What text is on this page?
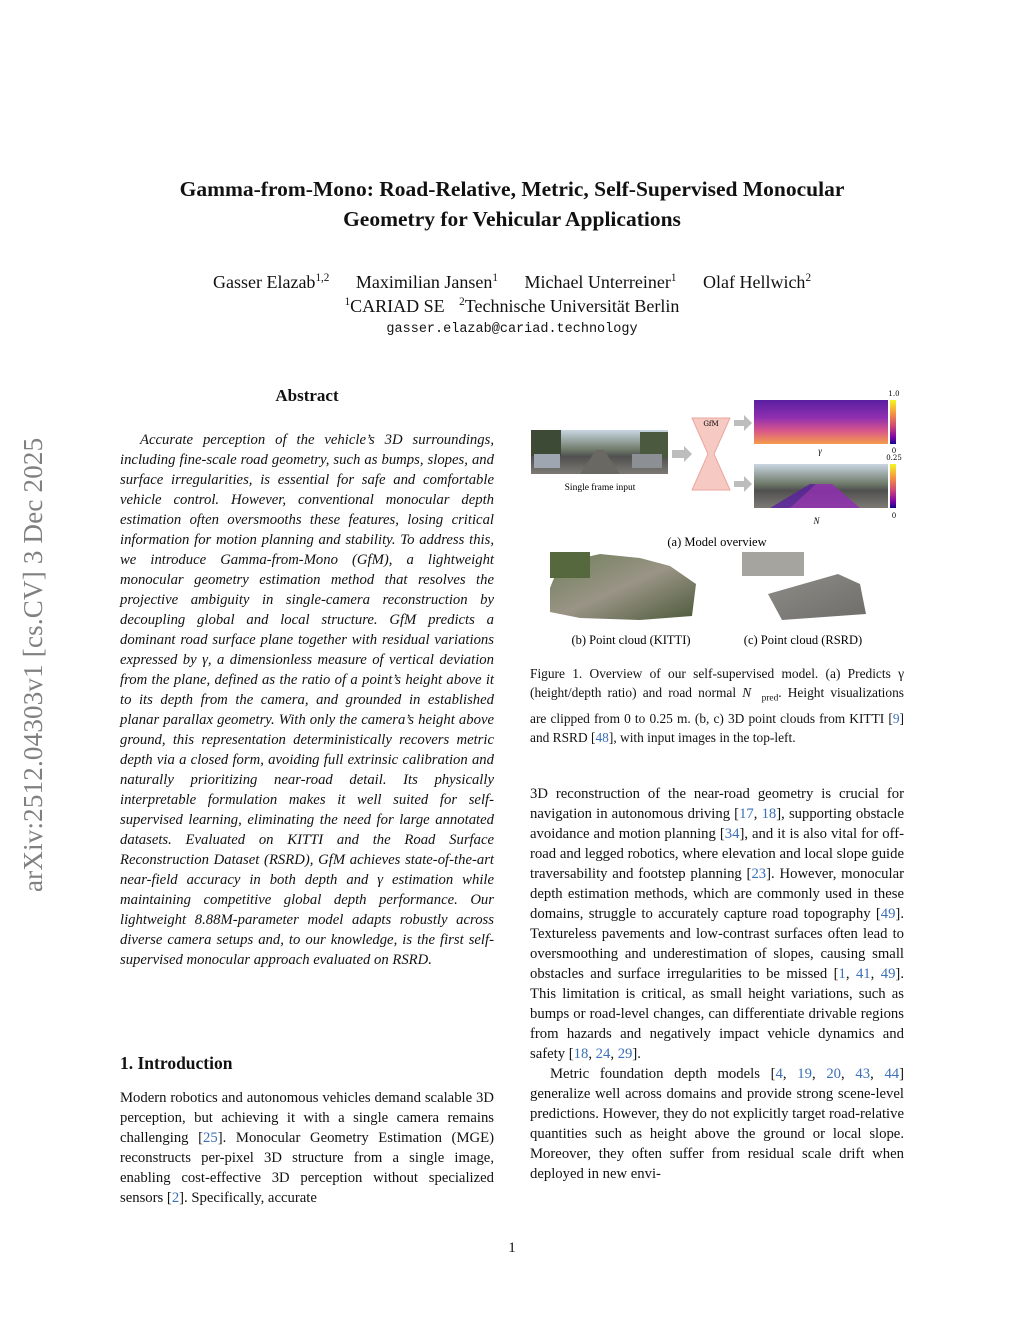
arXiv:2512.04303v1 [cs.CV] 3 Dec 2025
Gamma-from-Mono: Road-Relative, Metric, Self-Supervised Monocular
Geometry for Vehicular Applications
Gasser Elazab$^{1,2}$ Maximilian Jansen$^1$ Michael Unterreiner$^1$ Olaf Hellwich$^2$
$^1$CARIAD SE $^2$Technische Universität Berlin
gasser.elazab@cariad.technology
Abstract

Accurate perception of the vehicle’s 3D surroundings, including fine-scale road geometry, such as bumps, slopes, and surface irregularities, is essential for safe and comfortable vehicle control. However, conventional monocular depth estimation often oversmooths these features, losing critical information for motion planning and stability. To address this, we introduce Gamma-from-Mono (GfM), a lightweight monocular geometry estimation method that resolves the projective ambiguity in single-camera reconstruction by decoupling global and local structure. GfM predicts a dominant road surface plane together with residual variations expressed by γ, a dimensionless measure of vertical deviation from the plane, defined as the ratio of a point’s height above it to its depth from the camera, and grounded in established planar parallax geometry. With only the camera’s height above ground, this representation deterministically recovers metric depth via a closed form, avoiding full extrinsic calibration and naturally prioritizing near-road detail. Its physically interpretable formulation makes it well suited for self-supervised learning, eliminating the need for large annotated datasets. Evaluated on KITTI and the Road Surface Reconstruction Dataset (RSRD), GfM achieves state-of-the-art near-field accuracy in both depth and γ estimation while maintaining competitive global depth performance. Our lightweight 8.88M-parameter model adapts robustly across diverse camera setups and, to our knowledge, is the first self-supervised monocular approach evaluated on RSRD.

1. Introduction

Modern robotics and autonomous vehicles demand scalable 3D perception, but achieving it with a single camera remains challenging [25]. Monocular Geometry Estimation (MGE) reconstructs per-pixel 3D structure from a single image, enabling cost-effective 3D perception without specialized sensors [2]. Specifically, accurate

Single frame input
GfM
1.0
0
γ
0.25
0
N⃗
(a) Model overview
(b) Point cloud (KITTI)	(c) Point cloud (RSRD)
Figure 1. Overview of our self-supervised model. (a) Predicts γ (height/depth ratio) and road normal $N⃗_{pred}$. Height visualizations are clipped from 0 to 0.25 m. (b, c) 3D point clouds from KITTI [9] and RSRD [48], with input images in the top-left.

3D reconstruction of the near-road geometry is crucial for navigation in autonomous driving [17, 18], supporting obstacle avoidance and motion planning [34], and it is also vital for off-road and legged robotics, where elevation and local slope guide traversability and footstep planning [23]. However, monocular depth estimation methods, which are commonly used in these domains, struggle to accurately capture road topography [49]. Textureless pavements and low-contrast surfaces often lead to oversmoothing and underestimation of slopes, causing small obstacles and surface irregularities to be missed [1, 41, 49]. This limitation is critical, as small height variations, such as bumps or road-level changes, can differentiate drivable regions from hazards and negatively impact vehicle dynamics and safety [18, 24, 29].

Metric foundation depth models [4, 19, 20, 43, 44] generalize well across domains and provide strong scene-level predictions. However, they do not explicitly target road-relative quantities such as height above the ground or local slope. Moreover, they often suffer from residual scale drift when deployed in new envi-

1
